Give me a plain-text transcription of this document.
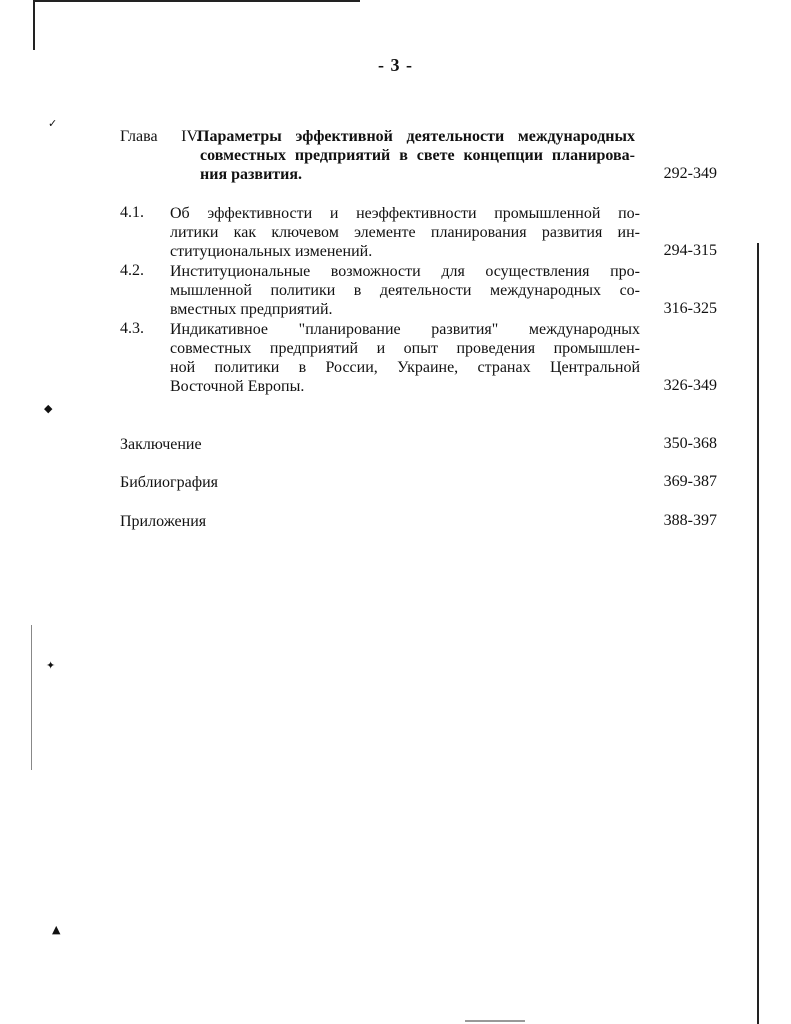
✓
◆
✦
▲
- 3 -
Глава IV.
Параметры эффективной деятельности международных
совместных предприятий в свете концепции планирова-
ния развития.	292-349
4.1. Об эффективности и неэффективности промышленной по-
литики как ключевом элементе планирования развития ин-
ституциональных изменений.	294-315
4.2. Институциональные возможности для осуществления про-
мышленной политики в деятельности международных со-
вместных предприятий.	316-325
4.3. Индикативное "планирование развития" международных
совместных предприятий и опыт проведения промышлен-
ной политики в России, Украине, странах Центральной
Восточной Европы.	326-349
Заключение	350-368
Библиография	369-387
Приложения	388-397
